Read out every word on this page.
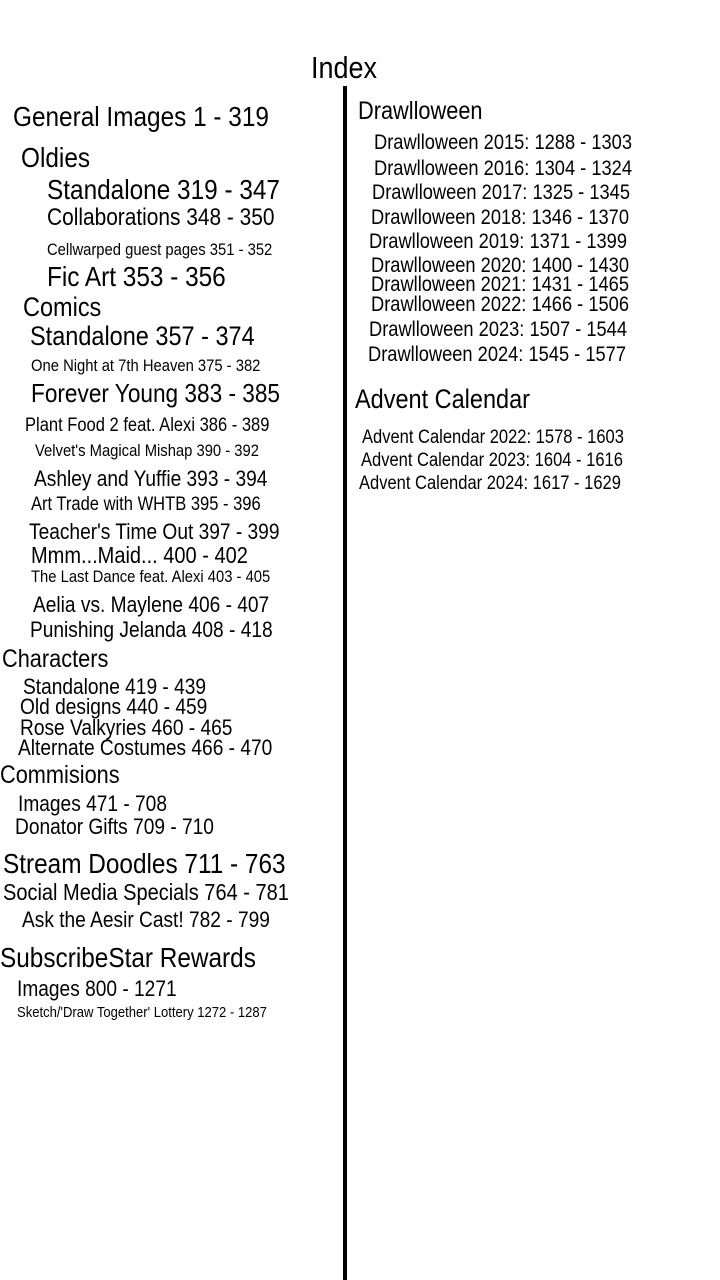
Index
General Images 1 - 319
Oldies
Standalone 319 - 347
Collaborations 348 - 350
Cellwarped guest pages 351 - 352
Fic Art 353 - 356
Comics
Standalone 357 - 374
One Night at 7th Heaven 375 - 382
Forever Young 383 - 385
Plant Food 2 feat. Alexi 386 - 389
Velvet's Magical Mishap 390 - 392
Ashley and Yuffie 393 - 394
Art Trade with WHTB 395 - 396
Teacher's Time Out 397 - 399
Mmm...Maid... 400 - 402
The Last Dance feat. Alexi 403 - 405
Aelia vs. Maylene 406 - 407
Punishing Jelanda 408 - 418
Characters
Standalone 419 - 439
Old designs 440 - 459
Rose Valkyries 460 - 465
Alternate Costumes 466 - 470
Commisions
Images 471 - 708
Donator Gifts 709 - 710
Stream Doodles 711 - 763
Social Media Specials 764 - 781
Ask the Aesir Cast! 782 - 799
SubscribeStar Rewards
Images 800 - 1271
Sketch/'Draw Together' Lottery 1272 - 1287
Drawlloween
Drawlloween 2015: 1288 - 1303
Drawlloween 2016: 1304 - 1324
Drawlloween 2017: 1325 - 1345
Drawlloween 2018: 1346 - 1370
Drawlloween 2019: 1371 - 1399
Drawlloween 2020: 1400 - 1430
Drawlloween 2021: 1431 - 1465
Drawlloween 2022: 1466 - 1506
Drawlloween 2023: 1507 - 1544
Drawlloween 2024: 1545 - 1577
Advent Calendar
Advent Calendar 2022: 1578 - 1603
Advent Calendar 2023: 1604 - 1616
Advent Calendar 2024: 1617 - 1629
